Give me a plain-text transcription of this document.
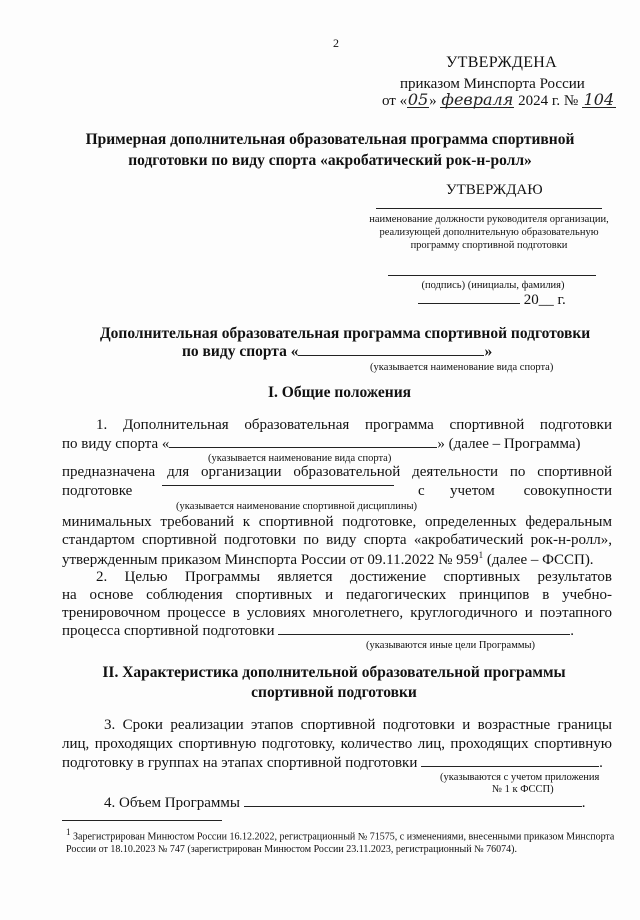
2
УТВЕРЖДЕНА
приказом Минспорта России
от «05» февраля 2024 г. № 104
Примерная дополнительная образовательная программа спортивной подготовки по виду спорта «акробатический рок-н-ролл»
УТВЕРЖДАЮ
наименование должности руководителя организации, реализующей дополнительную образовательную программу спортивной подготовки
(подпись) (инициалы, фамилия)
20__ г.
Дополнительная образовательная программа спортивной подготовки
по виду спорта «	»
(указывается наименование вида спорта)
I. Общие положения
1. Дополнительная образовательная программа спортивной подготовки
по виду спорта «	» (далее – Программа)
(указывается наименование вида спорта)
предназначена для организации образовательной деятельности по спортивной
подготовке	с учетом совокупности
(указывается наименование спортивной дисциплины)
минимальных требований к спортивной подготовке, определенных федеральным
стандартом спортивной подготовки по виду спорта «акробатический рок-н-ролл»,
утвержденным приказом Минспорта России от 09.11.2022 № $959^1$ (далее – ФССП).
2. Целью Программы является достижение спортивных результатов
на основе соблюдения спортивных и педагогических принципов в учебно-
тренировочном процессе в условиях многолетнего, круглогодичного и поэтапного
процесса спортивной подготовки	.
(указываются иные цели Программы)
II. Характеристика дополнительной образовательной программы спортивной подготовки
3. Сроки реализации этапов спортивной подготовки и возрастные границы
лиц, проходящих спортивную подготовку, количество лиц, проходящих спортивную
подготовку в группах на этапах спортивной подготовки	.
(указываются с учетом приложения
№ 1 к ФССП)
4. Объем Программы	.
$^1$ Зарегистрирован Минюстом России 16.12.2022, регистрационный № 71575, с изменениями, внесенными приказом Минспорта России от 18.10.2023 № 747 (зарегистрирован Минюстом России 23.11.2023, регистрационный № 76074).
